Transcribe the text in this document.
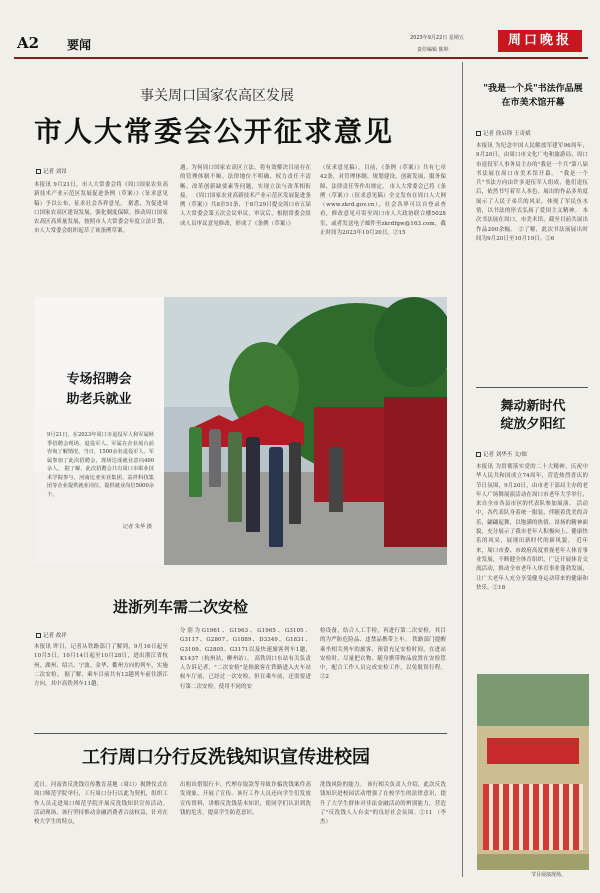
A2 要闻	2023年9月22日 星期五
责任编辑 陈婷
周口晚报
事关周口国家农高区发展
市人大常委会公开征求意见
记者 刘昂
本报讯 9月21日，市人大常委会将《周口国家农业高新技术产业示范区发展促进条例（草案）》（征求意见稿）予以公布，征求社会各界意见。 据悉，为促进周口国家农高区建设发展，强化制度保障，推动周口国家农高区高质量发展，按照市人大常委会年度立法计划，市人大常委会组织起草了该条例草案。
遇。为何周口国家农高区立法，将有效解决目前存在的管理体制不顺、法律地位不明确、权力责任不清晰、改革创新缺要素等问题，实现立法与改革相衔接。 《周口国家农业高新技术产业示范区发展促进条例（草案）》共8章51条，于8月29日提交周口市五届人大常委会第五次会议审议，审议后，根据常委会组成人员审议意见修改，形成了《条例（草案）》
（征求意见稿）。目前，《条例（草案）》共有七章42条，对管理体制、规划建设、创新发展、服务保障、法律责任等作出规定。 市人大常委会已将《条例（草案）》（征求意见稿）全文发布在周口人大网（www.zkrd.gov.cn），社会各界可以自登录查看，修改意见可寄至周口市人大政协联合楼5028室，或者发送电子邮件至zkrdfgw@163.com，截止时间为2023年10月20日。②15
专场招聘会
助老兵就业
9月21日，在2023年周口市退役军人和军属秋季招聘会现场，退役军人、军属在企业展台前咨询了解情况。当日，1500余名退役军人、军属参加了此次招聘会，现场达成就业意向400余人。 据了解，此次招聘会共有周口市职业技术学院参与，河南比亚实业集团、益祥科技集团等企业提供就业岗位，提供就业岗位5000余个。
记者 朱华 摄
进浙列车需二次安检
记者 故祥
本报讯 昨日，记者从铁路部门了解到，9月16日起至10月5日，10月14日起至10月28日，进出浙江省杭州、湖州、绍兴、宁波、金华、衢州方向的列车，实施二次安检。 据了解，乘车目前共有12趟列车前往浙江方向，其中高铁列车11趟，
分别为G1961、G1963、G1965、G3105、G3117、G2807、G1889、D3349、G1831、G3109、G2805、G3171以及快速旅客列车1趟，K1437（杭州站，柳州站）。 高铁周口东站有关负责人告诉记者，"二次安检"是指旅客在铁路进入火车站候车厅前，已经过一次安检，但在乘车前，还需要进行第二次安检，使用不同的安
检设备，结合人工手检，再进行第二次安检，其目的为严防危险品、违禁品携带上车。 铁路部门提醒乘坐相关列车的旅客，预留充足安检时间，在进站安检时，尽量把衣物、随身携带物品放置在安检筐中，配合工作人员完成安检工作，以免耽误行程。②2
工行周口分行反洗钱知识宣传进校园
近日，河南省反洗钱宣传教育基地（周口）揭牌仪式在周口师范学院举行，工行周口分行以此为契机，组织工作人员走进周口师范学院开展反洗钱知识宣传活动。 活动现场，该行坚持推动金融消费者合法权益，针对在校大学生的特点，
出租出借银行卡、代理存取款等导致诈骗洗钱案件高发现象，开展了宣传。该行工作人员还向学生们发放宣传资料，讲解反洗钱基本知识，使同学们认识到洗钱的危害，提高学生防范意识。
洗钱风险的能力。 该行相关负责人介绍，此次反洗钱知识进校园活动增强了在校学生的法律意识，提升了大学生群体对非法金融活动的辨别能力，营造了"反洗钱人人有责"的良好社会氛围。②11 （李杰）
"我是一个兵"书法作品展
在市美术馆开幕
记者 徐启锋 王奇斌
本报讯 为纪念中国人民解放军建军96周年，9月20日，由周口市文化广电和旅游局、周口市退役军人事务局主办的"我是一个兵"第八届书法展在周口市美术馆开幕。 "我是一个兵"书法方向由许多退伍军人组成，他们退伍后，依然书写着军人本色。展出的作品多角度展示了人民子弟兵的风采，体现了军民鱼水情，以书法的形式弘扬了爱国主义精神。 本次书法展在周口，市美术馆，截至目前共展出作品200余幅。 ②了解，此次书法展展出时间为9月20日至10月19日。②6
舞动新时代
绽放夕阳红
记者 刘华丕 文/图
本报讯 为贯彻落实党的二十大精神，庆祝中华人民共和国成立74周年，营造热烈喜庆的节日氛围，9月20日，由市老干部局主办的老年人广场舞展演活动在周口市老年大学举行，来自全市各县市区的代表队参加展演。 活动中，各代表队身着统一服装，伴随着优美的音乐，翩翩起舞，以饱满的热情、昂扬的精神面貌，充分展示了我市老年人积极向上、健康快乐的风采，展现出新时代的新风貌。 近年来，周口市委、市政府高度重视老年人体育事业发展，不断健全体育组织，广泛开展体育交流活动，推动全市老年人体育事业蓬勃发展，让广大老年人充分享受健身运动带来的健康和快乐。②18
节目展演现场。
